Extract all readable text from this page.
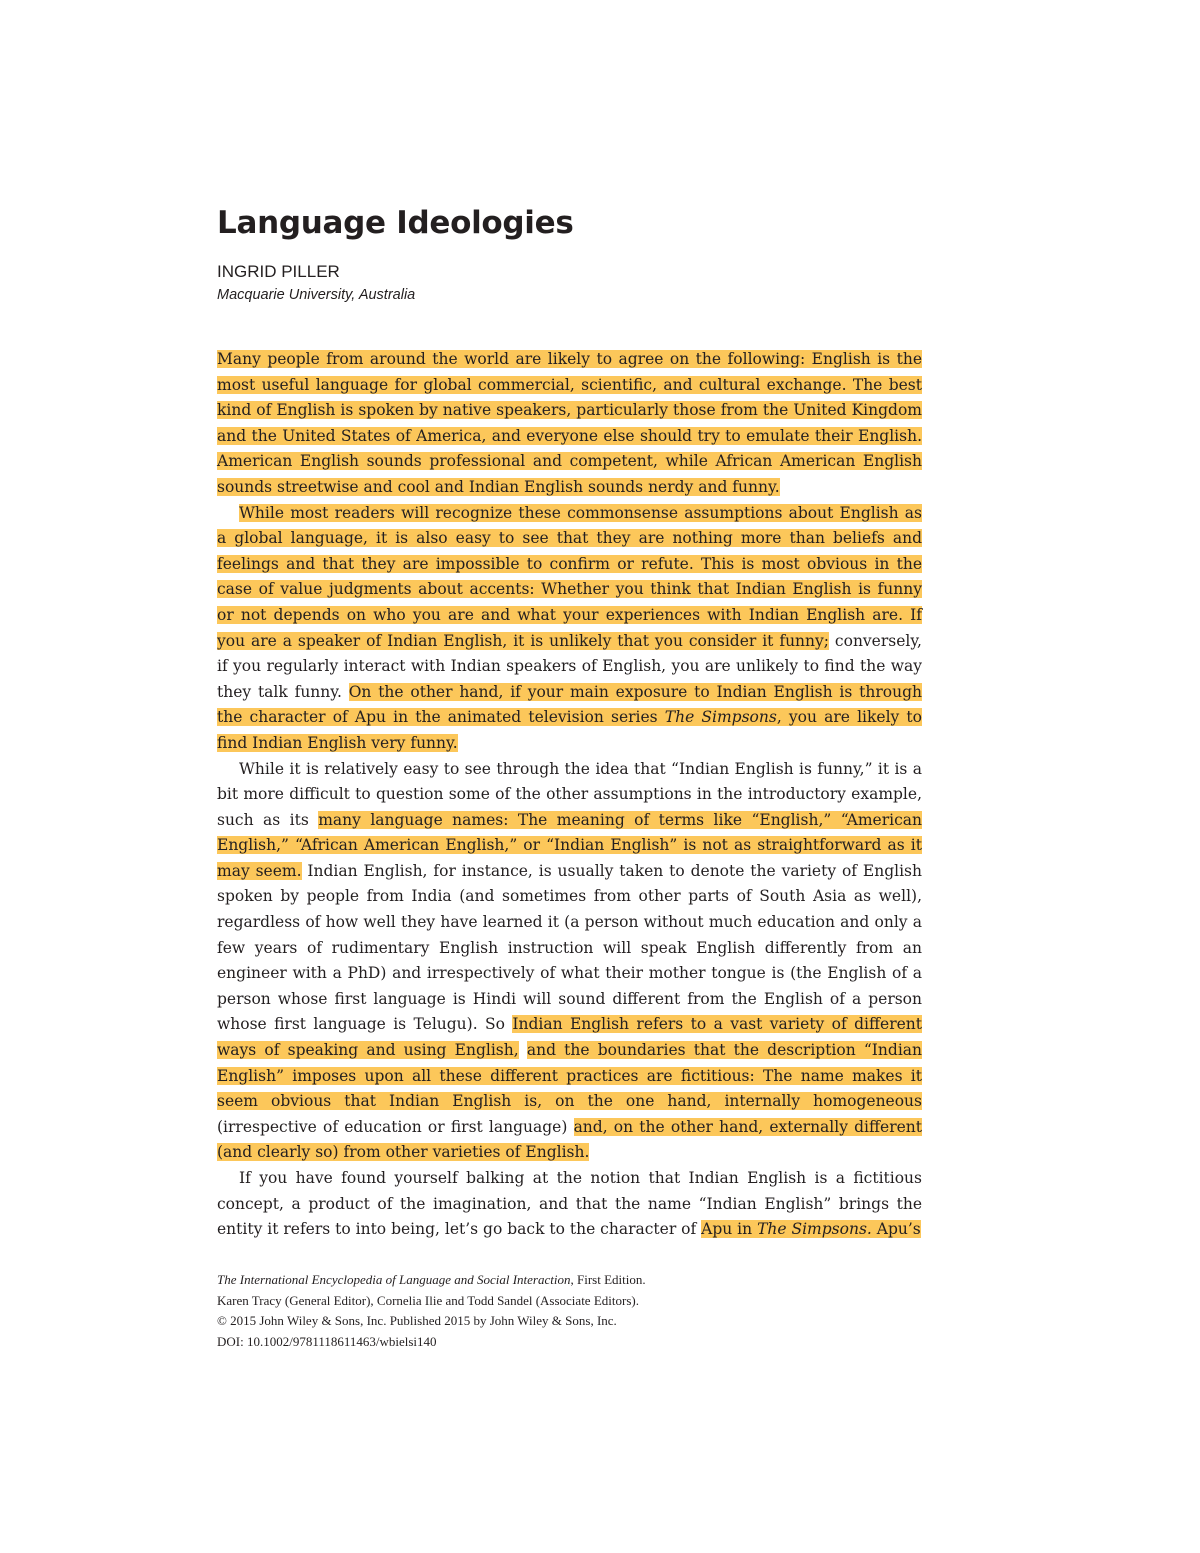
Language Ideologies
INGRID PILLER
Macquarie University, Australia

Many people from around the world are likely to agree on the following: English is the most useful language for global commercial, scientific, and cultural exchange. The best kind of English is spoken by native speakers, particularly those from the United Kingdom and the United States of America, and everyone else should try to emulate their English. American English sounds professional and competent, while African American English sounds streetwise and cool and Indian English sounds nerdy and funny.

While most readers will recognize these commonsense assumptions about English as a global language, it is also easy to see that they are nothing more than beliefs and feelings and that they are impossible to confirm or refute. This is most obvious in the case of value judgments about accents: Whether you think that Indian English is funny or not depends on who you are and what your experiences with Indian English are. If you are a speaker of Indian English, it is unlikely that you consider it funny; conversely, if you regularly interact with Indian speakers of English, you are unlikely to find the way they talk funny. On the other hand, if your main exposure to Indian English is through the character of Apu in the animated television series The Simpsons, you are likely to find Indian English very funny.

While it is relatively easy to see through the idea that “Indian English is funny,” it is a bit more difficult to question some of the other assumptions in the introductory example, such as its many language names: The meaning of terms like “English,” “American English,” “African American English,” or “Indian English” is not as straightforward as it may seem. Indian English, for instance, is usually taken to denote the variety of English spoken by people from India (and sometimes from other parts of South Asia as well), regardless of how well they have learned it (a person without much education and only a few years of rudimentary English instruction will speak English differently from an engineer with a PhD) and irrespectively of what their mother tongue is (the English of a person whose first language is Hindi will sound different from the English of a person whose first language is Telugu). So Indian English refers to a vast variety of different ways of speaking and using English, and the boundaries that the description “Indian English” imposes upon all these different practices are fictitious: The name makes it seem obvious that Indian English is, on the one hand, internally homogeneous (irrespective of education or first language) and, on the other hand, externally different (and clearly so) from other varieties of English.

If you have found yourself balking at the notion that Indian English is a fictitious concept, a product of the imagination, and that the name “Indian English” brings the entity it refers to into being, let’s go back to the character of Apu in The Simpsons. Apu’s

The International Encyclopedia of Language and Social Interaction, First Edition.
Karen Tracy (General Editor), Cornelia Ilie and Todd Sandel (Associate Editors).
© 2015 John Wiley & Sons, Inc. Published 2015 by John Wiley & Sons, Inc.
DOI: 10.1002/9781118611463/wbielsi140
